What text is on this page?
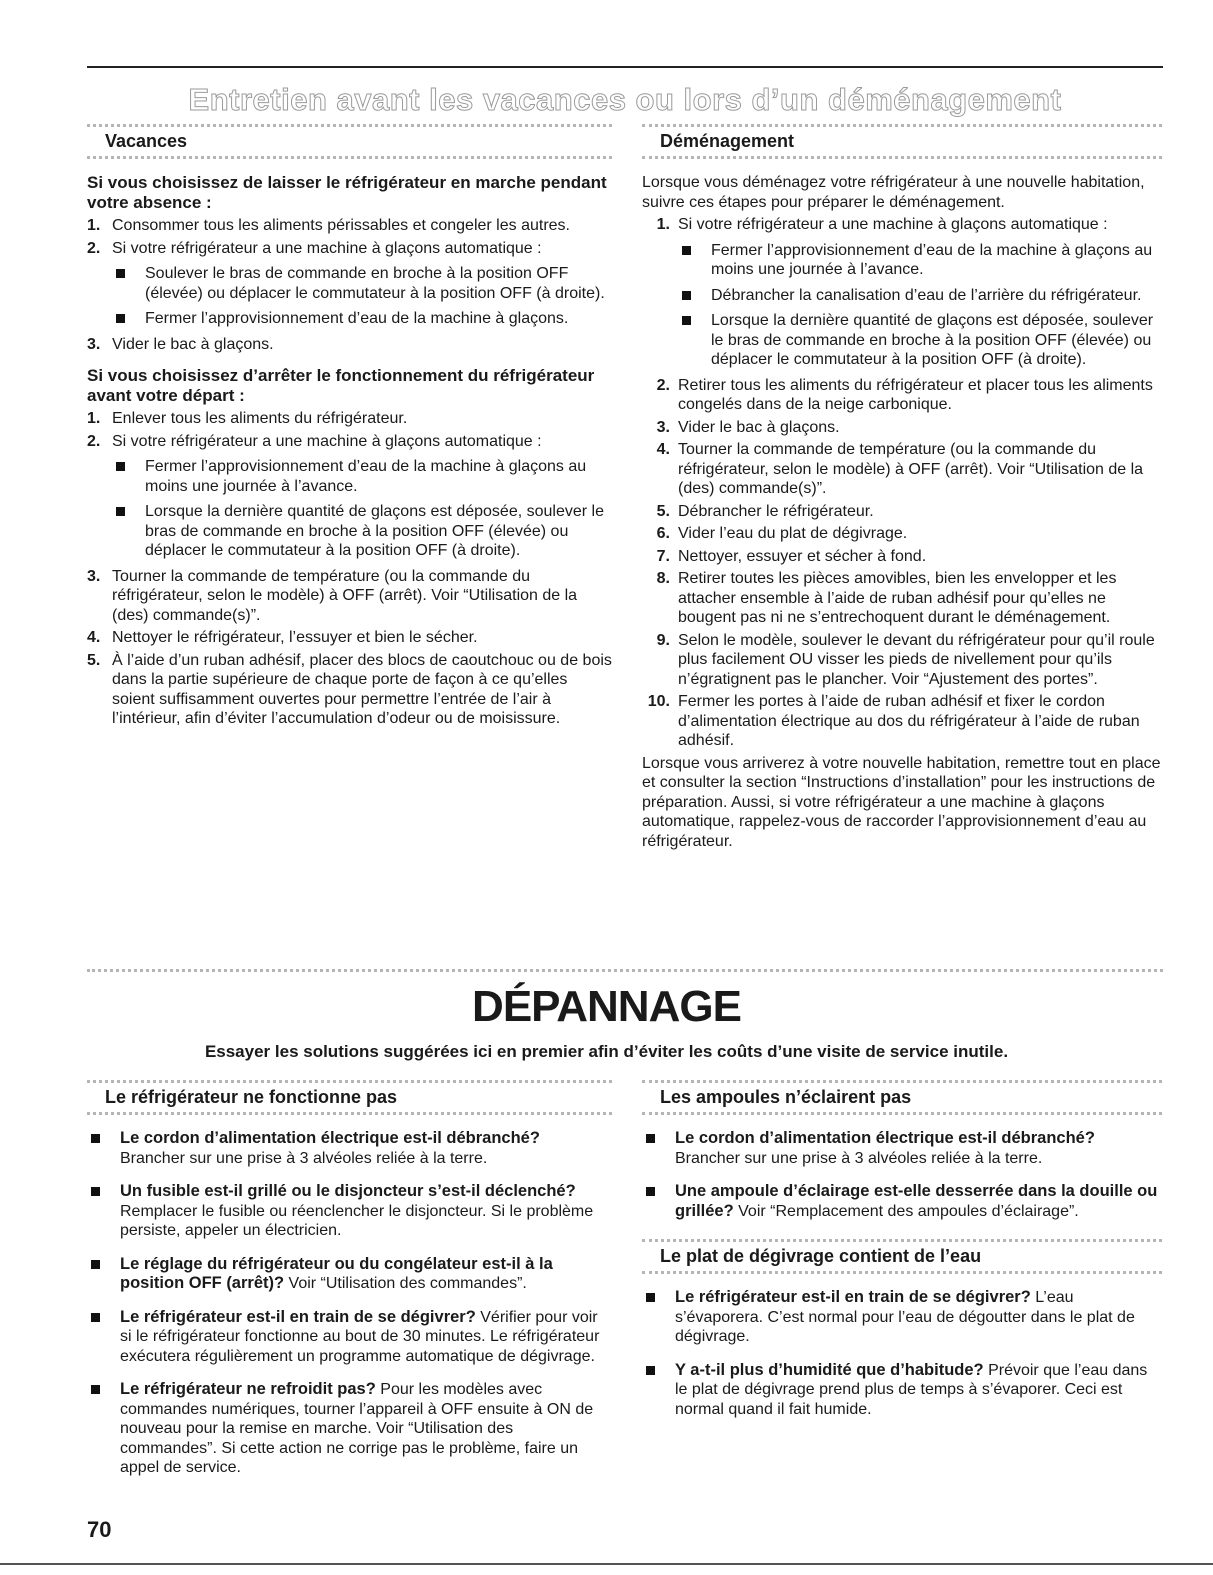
Entretien avant les vacances ou lors d’un déménagement
Vacances
Si vous choisissez de laisser le réfrigérateur en marche pendant votre absence :
1. Consommer tous les aliments périssables et congeler les autres.
2. Si votre réfrigérateur a une machine à glaçons automatique :
Soulever le bras de commande en broche à la position OFF (élevée) ou déplacer le commutateur à la position OFF (à droite).
Fermer l’approvisionnement d’eau de la machine à glaçons.
3. Vider le bac à glaçons.
Si vous choisissez d’arrêter le fonctionnement du réfrigérateur avant votre départ :
1. Enlever tous les aliments du réfrigérateur.
2. Si votre réfrigérateur a une machine à glaçons automatique :
Fermer l’approvisionnement d’eau de la machine à glaçons au moins une journée à l’avance.
Lorsque la dernière quantité de glaçons est déposée, soulever le bras de commande en broche à la position OFF (élevée) ou déplacer le commutateur à la position OFF (à droite).
3. Tourner la commande de température (ou la commande du réfrigérateur, selon le modèle) à OFF (arrêt). Voir “Utilisation de la (des) commande(s)”.
4. Nettoyer le réfrigérateur, l’essuyer et bien le sécher.
5. À l’aide d’un ruban adhésif, placer des blocs de caoutchouc ou de bois dans la partie supérieure de chaque porte de façon à ce qu’elles soient suffisamment ouvertes pour permettre l’entrée de l’air à l’intérieur, afin d’éviter l’accumulation d’odeur ou de moisissure.
Déménagement

Lorsque vous déménagez votre réfrigérateur à une nouvelle habitation, suivre ces étapes pour préparer le déménagement.

1. Si votre réfrigérateur a une machine à glaçons automatique :
Fermer l’approvisionnement d’eau de la machine à glaçons au moins une journée à l’avance.
Débrancher la canalisation d’eau de l’arrière du réfrigérateur.
Lorsque la dernière quantité de glaçons est déposée, soulever le bras de commande en broche à la position OFF (élevée) ou déplacer le commutateur à la position OFF (à droite).
2. Retirer tous les aliments du réfrigérateur et placer tous les aliments congelés dans de la neige carbonique.
3. Vider le bac à glaçons.
4. Tourner la commande de température (ou la commande du réfrigérateur, selon le modèle) à OFF (arrêt). Voir “Utilisation de la (des) commande(s)”.
5. Débrancher le réfrigérateur.
6. Vider l’eau du plat de dégivrage.
7. Nettoyer, essuyer et sécher à fond.
8. Retirer toutes les pièces amovibles, bien les envelopper et les attacher ensemble à l’aide de ruban adhésif pour qu’elles ne bougent pas ni ne s’entrechoquent durant le déménagement.
9. Selon le modèle, soulever le devant du réfrigérateur pour qu’il roule plus facilement OU visser les pieds de nivellement pour qu’ils n’égratignent pas le plancher. Voir “Ajustement des portes”.
10. Fermer les portes à l’aide de ruban adhésif et fixer le cordon d’alimentation électrique au dos du réfrigérateur à l’aide de ruban adhésif.

Lorsque vous arriverez à votre nouvelle habitation, remettre tout en place et consulter la section “Instructions d’installation” pour les instructions de préparation. Aussi, si votre réfrigérateur a une machine à glaçons automatique, rappelez-vous de raccorder l’approvisionnement d’eau au réfrigérateur.

DÉPANNAGE
Essayer les solutions suggérées ici en premier afin d’éviter les coûts d’une visite de service inutile.
Le réfrigérateur ne fonctionne pas
Le cordon d’alimentation électrique est-il débranché?
Brancher sur une prise à 3 alvéoles reliée à la terre.
Un fusible est-il grillé ou le disjoncteur s’est-il déclenché?
Remplacer le fusible ou réenclencher le disjoncteur. Si le problème persiste, appeler un électricien.
Le réglage du réfrigérateur ou du congélateur est-il à la position OFF (arrêt)? Voir “Utilisation des commandes”.
Le réfrigérateur est-il en train de se dégivrer? Vérifier pour voir si le réfrigérateur fonctionne au bout de 30 minutes. Le réfrigérateur exécutera régulièrement un programme automatique de dégivrage.
Le réfrigérateur ne refroidit pas? Pour les modèles avec commandes numériques, tourner l’appareil à OFF ensuite à ON de nouveau pour la remise en marche. Voir “Utilisation des commandes”. Si cette action ne corrige pas le problème, faire un appel de service.
Les ampoules n’éclairent pas
Le cordon d’alimentation électrique est-il débranché?
Brancher sur une prise à 3 alvéoles reliée à la terre.
Une ampoule d’éclairage est-elle desserrée dans la douille ou grillée? Voir “Remplacement des ampoules d’éclairage”.
Le plat de dégivrage contient de l’eau
Le réfrigérateur est-il en train de se dégivrer? L’eau s’évaporera. C’est normal pour l’eau de dégoutter dans le plat de dégivrage.
Y a-t-il plus d’humidité que d’habitude? Prévoir que l’eau dans le plat de dégivrage prend plus de temps à s’évaporer. Ceci est normal quand il fait humide.
70
